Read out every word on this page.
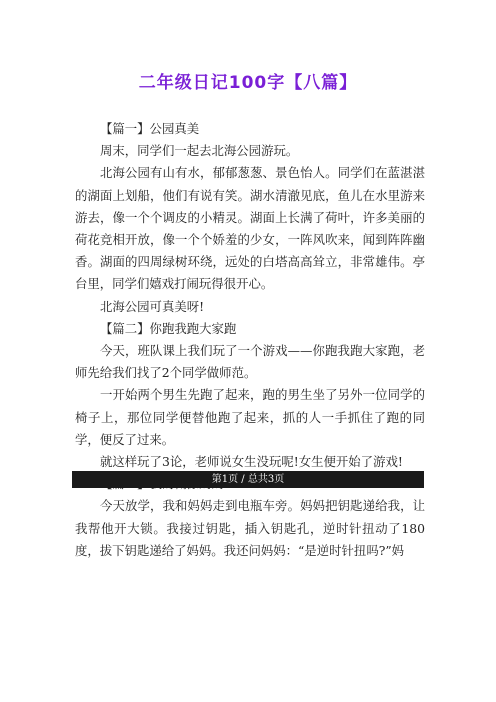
二年级日记100字【八篇】

【篇一】公园真美

周末，同学们一起去北海公园游玩。

北海公园有山有水，郁郁葱葱、景色怡人。同学们在蓝湛湛的湖面上划船，他们有说有笑。湖水清澈见底，鱼儿在水里游来游去，像一个个调皮的小精灵。湖面上长满了荷叶，许多美丽的荷花竞相开放，像一个个娇羞的少女，一阵风吹来，闻到阵阵幽香。湖面的四周绿树环绕，远处的白塔高高耸立，非常雄伟。亭台里，同学们嬉戏打闹玩得很开心。

北海公园可真美呀!

【篇二】你跑我跑大家跑

今天，班队课上我们玩了一个游戏——你跑我跑大家跑，老师先给我们找了2个同学做师范。

一开始两个男生先跑了起来，跑的男生坐了另外一位同学的椅子上，那位同学便替他跑了起来，抓的人一手抓住了跑的同学，便反了过来。

就这样玩了3论，老师说女生没玩呢!女生便开始了游戏!

今天放学，我和妈妈走到电瓶车旁。妈妈把钥匙递给我，让我帮他开大锁。我接过钥匙，插入钥匙孔，逆时针扭动了180度，拔下钥匙递给了妈妈。我还问妈妈：“是逆时针扭吗?”妈

第1页 / 总共3页
